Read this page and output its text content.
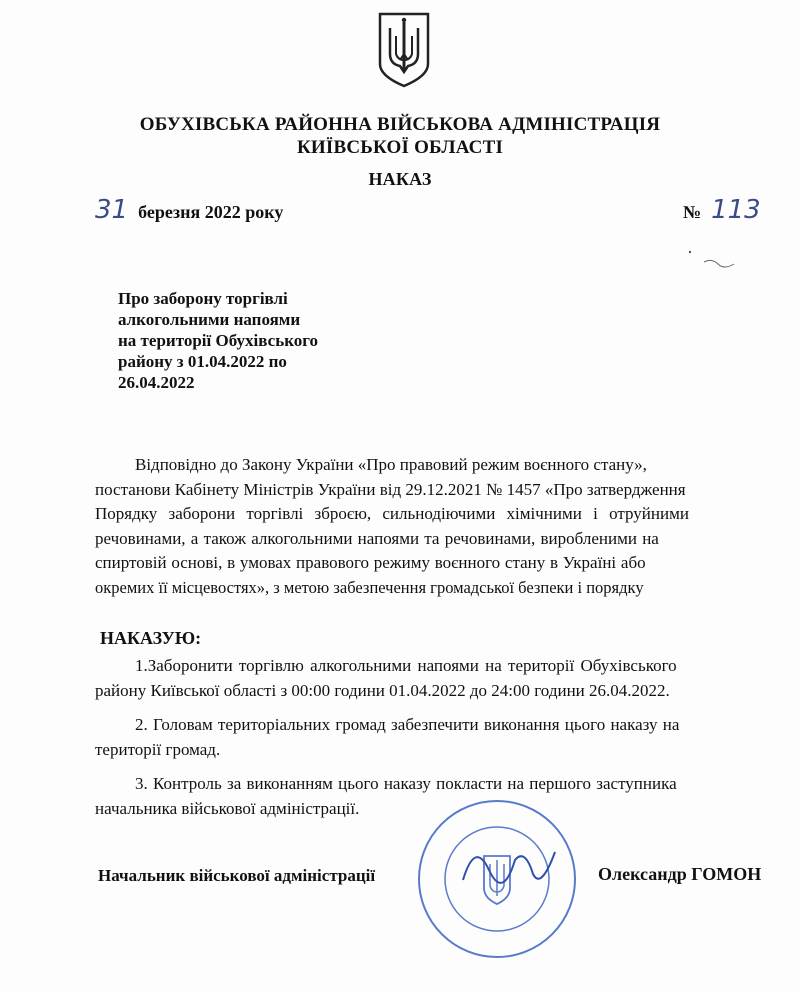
ОБУХІВСЬКА РАЙОННА ВІЙСЬКОВА АДМІНІСТРАЦІЯ
КИЇВСЬКОЇ ОБЛАСТІ
НАКАЗ
31 березня 2022 року	№ 113
Про заборону торгівлі
алкогольними напоями
на території Обухівського
району з 01.04.2022 по
26.04.2022
Відповідно до Закону України «Про правовий режим воєнного стану»,
постанови Кабінету Міністрів України від 29.12.2021 № 1457 «Про затвердження
Порядку заборони торгівлі зброєю, сильнодіючими хімічними і отруйними
речовинами, а також алкогольними напоями та речовинами, виробленими на
спиртовій основі, в умовах правового режиму воєнного стану в Україні або
окремих її місцевостях», з метою забезпечення громадської безпеки і порядку
НАКАЗУЮ:
1.Заборонити торгівлю алкогольними напоями на території Обухівського
району Київської області з 00:00 години 01.04.2022 до 24:00 години 26.04.2022.
2. Головам територіальних громад забезпечити виконання цього наказу на
території громад.
3. Контроль за виконанням цього наказу покласти на першого заступника
начальника військової адміністрації.
Начальник військової адміністрації	Олександр ГОМОН
